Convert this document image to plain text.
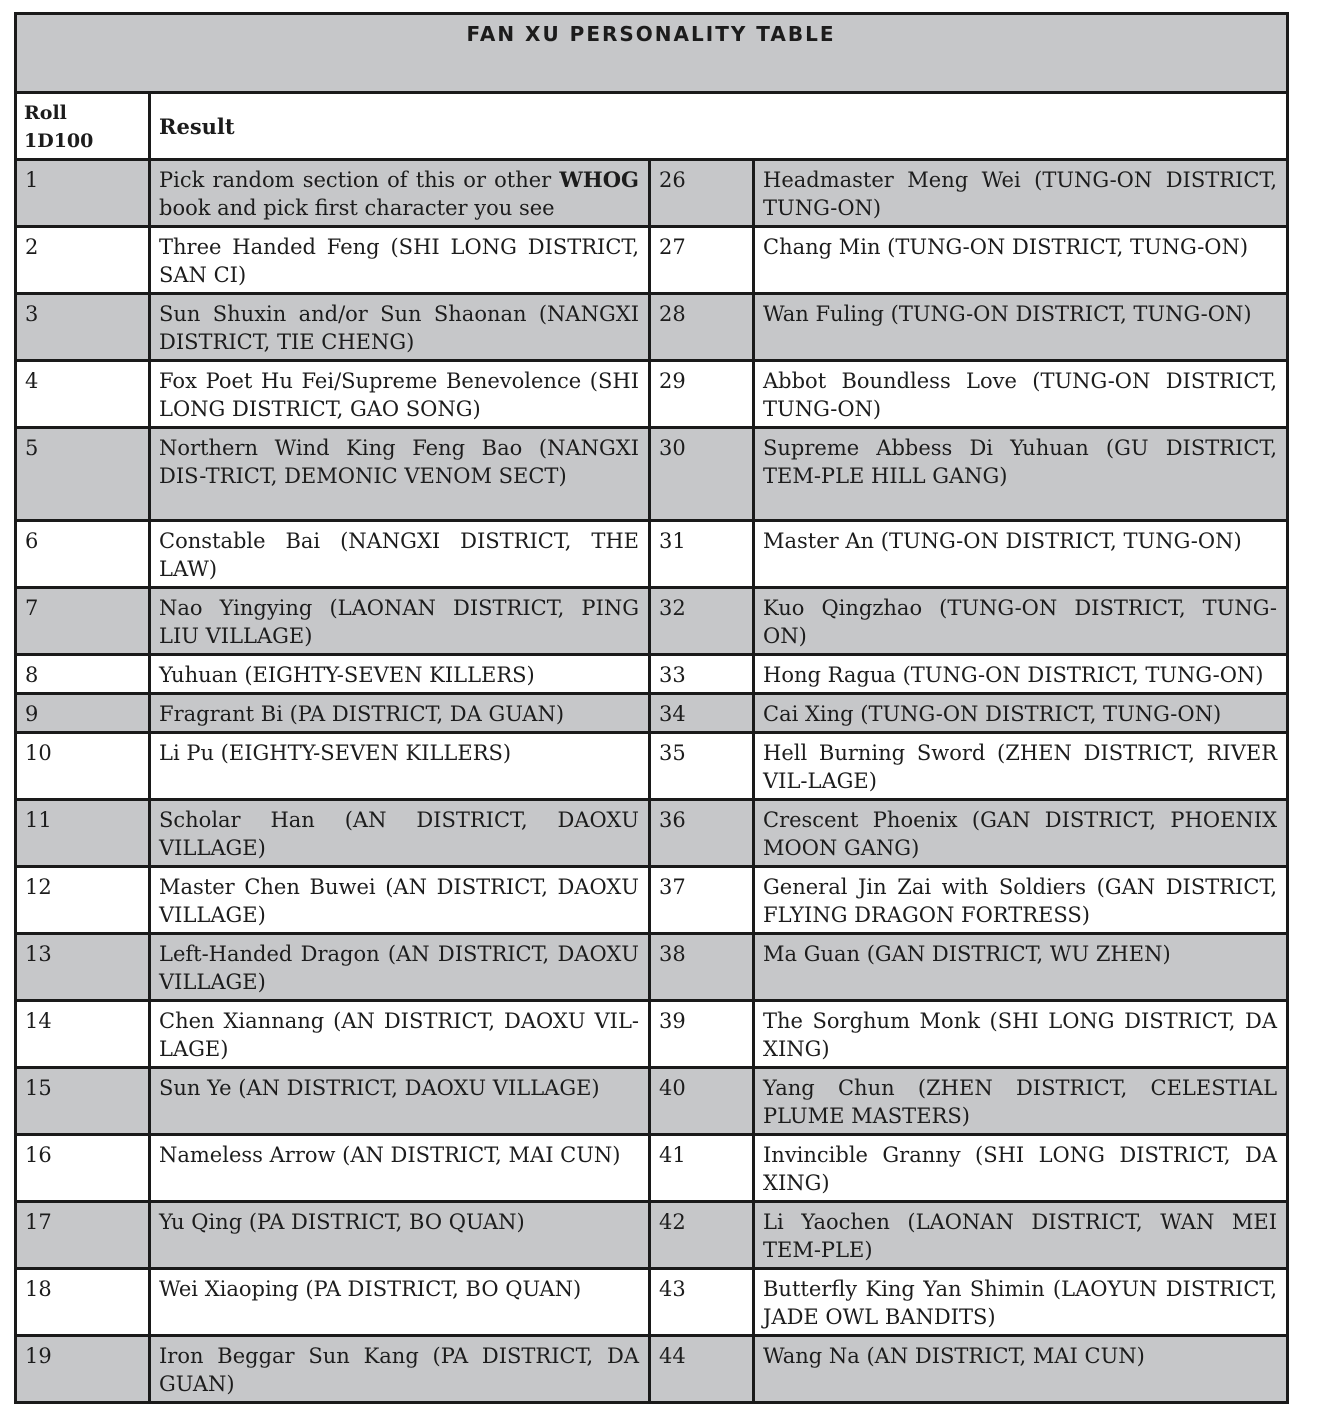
FAN XU PERSONALITY TABLE			
Roll 1D100	Result		
1	Pick random section of this or other WHOG book and pick first character you see	26	Headmaster Meng Wei (TUNG-ON DISTRICT, TUNG-ON)
2	Three Handed Feng (SHI LONG DISTRICT, SAN CI)	27	Chang Min (TUNG-ON DISTRICT, TUNG-ON)
3	Sun Shuxin and/or Sun Shaonan (NANGXI DISTRICT, TIE CHENG)	28	Wan Fuling (TUNG-ON DISTRICT, TUNG-ON)
4	Fox Poet Hu Fei/Supreme Benevolence (SHI LONG DISTRICT, GAO SONG)	29	Abbot Boundless Love (TUNG-ON DISTRICT, TUNG-ON)
5	Northern Wind King Feng Bao (NANGXI DIS-TRICT, DEMONIC VENOM SECT)	30	Supreme Abbess Di Yuhuan (GU DISTRICT, TEM-PLE HILL GANG)
6	Constable Bai (NANGXI DISTRICT, THE LAW)	31	Master An (TUNG-ON DISTRICT, TUNG-ON)
7	Nao Yingying (LAONAN DISTRICT, PING LIU VILLAGE)	32	Kuo Qingzhao (TUNG-ON DISTRICT, TUNG-ON)
8	Yuhuan (EIGHTY-SEVEN KILLERS)	33	Hong Ragua (TUNG-ON DISTRICT, TUNG-ON)
9	Fragrant Bi (PA DISTRICT, DA GUAN)	34	Cai Xing (TUNG-ON DISTRICT, TUNG-ON)
10	Li Pu (EIGHTY-SEVEN KILLERS)	35	Hell Burning Sword (ZHEN DISTRICT, RIVER VIL-LAGE)
11	Scholar Han (AN DISTRICT, DAOXU VILLAGE)	36	Crescent Phoenix (GAN DISTRICT, PHOENIX MOON GANG)
12	Master Chen Buwei (AN DISTRICT, DAOXU VILLAGE)	37	General Jin Zai with Soldiers (GAN DISTRICT, FLYING DRAGON FORTRESS)
13	Left-Handed Dragon (AN DISTRICT, DAOXU VILLAGE)	38	Ma Guan (GAN DISTRICT, WU ZHEN)
14	Chen Xiannang (AN DISTRICT, DAOXU VIL-LAGE)	39	The Sorghum Monk (SHI LONG DISTRICT, DA XING)
15	Sun Ye (AN DISTRICT, DAOXU VILLAGE)	40	Yang Chun (ZHEN DISTRICT, CELESTIAL PLUME MASTERS)
16	Nameless Arrow (AN DISTRICT, MAI CUN)	41	Invincible Granny (SHI LONG DISTRICT, DA XING)
17	Yu Qing (PA DISTRICT, BO QUAN)	42	Li Yaochen (LAONAN DISTRICT, WAN MEI TEM-PLE)
18	Wei Xiaoping (PA DISTRICT, BO QUAN)	43	Butterfly King Yan Shimin (LAOYUN DISTRICT, JADE OWL BANDITS)
19	Iron Beggar Sun Kang (PA DISTRICT, DA GUAN)	44	Wang Na (AN DISTRICT, MAI CUN)
